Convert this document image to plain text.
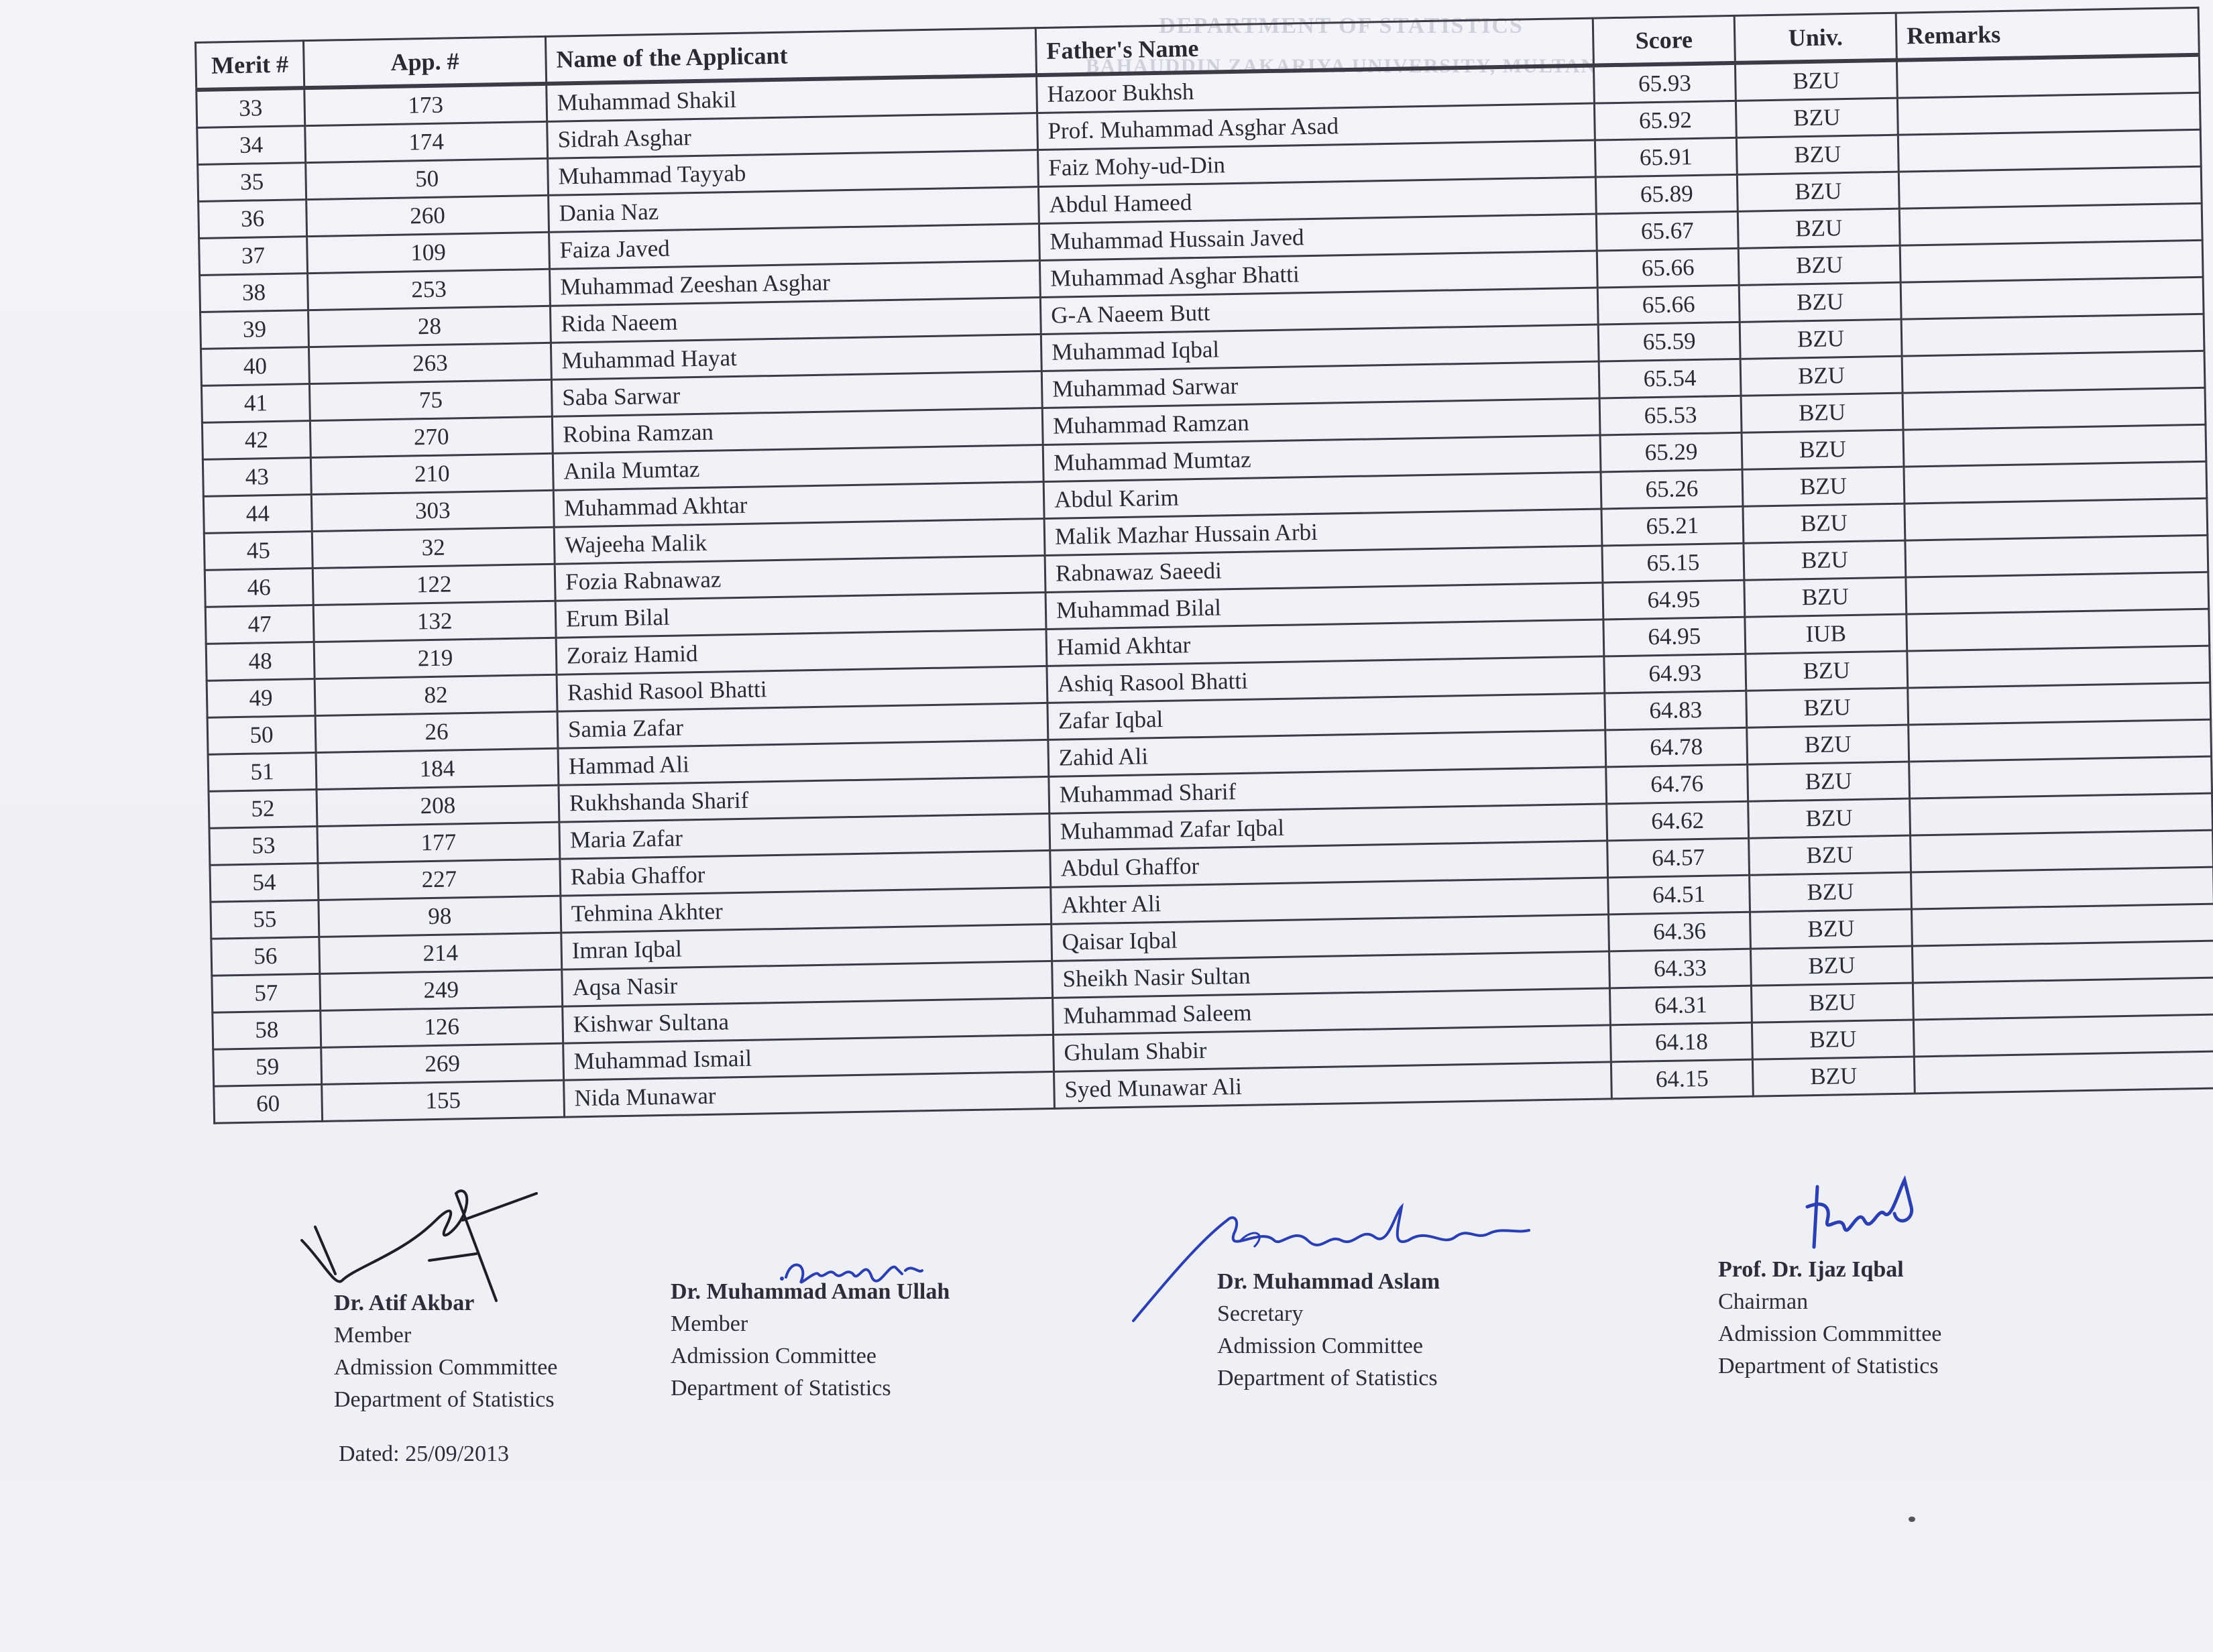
DEPARTMENT OF STATISTICS
BAHAUDDIN ZAKARIYA UNIVERSITY, MULTAN
Merit #	App. #	Name of the Applicant	Father's Name	Score	Univ.	Remarks
33	173	Muhammad Shakil	Hazoor Bukhsh	65.93	BZU	
34	174	Sidrah Asghar	Prof. Muhammad Asghar Asad	65.92	BZU	
35	50	Muhammad Tayyab	Faiz Mohy-ud-Din	65.91	BZU	
36	260	Dania Naz	Abdul Hameed	65.89	BZU	
37	109	Faiza Javed	Muhammad Hussain Javed	65.67	BZU	
38	253	Muhammad Zeeshan Asghar	Muhammad Asghar Bhatti	65.66	BZU	
39	28	Rida Naeem	G-A Naeem Butt	65.66	BZU	
40	263	Muhammad Hayat	Muhammad Iqbal	65.59	BZU	
41	75	Saba Sarwar	Muhammad Sarwar	65.54	BZU	
42	270	Robina Ramzan	Muhammad Ramzan	65.53	BZU	
43	210	Anila Mumtaz	Muhammad Mumtaz	65.29	BZU	
44	303	Muhammad Akhtar	Abdul Karim	65.26	BZU	
45	32	Wajeeha Malik	Malik Mazhar Hussain Arbi	65.21	BZU	
46	122	Fozia Rabnawaz	Rabnawaz Saeedi	65.15	BZU	
47	132	Erum Bilal	Muhammad Bilal	64.95	BZU	
48	219	Zoraiz Hamid	Hamid Akhtar	64.95	IUB	
49	82	Rashid Rasool Bhatti	Ashiq Rasool Bhatti	64.93	BZU	
50	26	Samia Zafar	Zafar Iqbal	64.83	BZU	
51	184	Hammad Ali	Zahid Ali	64.78	BZU	
52	208	Rukhshanda Sharif	Muhammad Sharif	64.76	BZU	
53	177	Maria Zafar	Muhammad Zafar Iqbal	64.62	BZU	
54	227	Rabia Ghaffor	Abdul Ghaffor	64.57	BZU	
55	98	Tehmina Akhter	Akhter Ali	64.51	BZU	
56	214	Imran Iqbal	Qaisar Iqbal	64.36	BZU	
57	249	Aqsa Nasir	Sheikh Nasir Sultan	64.33	BZU	
58	126	Kishwar Sultana	Muhammad Saleem	64.31	BZU	
59	269	Muhammad Ismail	Ghulam Shabir	64.18	BZU	
60	155	Nida Munawar	Syed Munawar Ali	64.15	BZU	
Dr. Atif Akbar
Member
Admission Commmittee
Department of Statistics
Dr. Muhammad Aman Ullah
Member
Admission Committee
Department of Statistics
Dr. Muhammad Aslam
Secretary
Admission Committee
Department of Statistics
Prof. Dr. Ijaz Iqbal
Chairman
Admission Commmittee
Department of Statistics
Dated: 25/09/2013
